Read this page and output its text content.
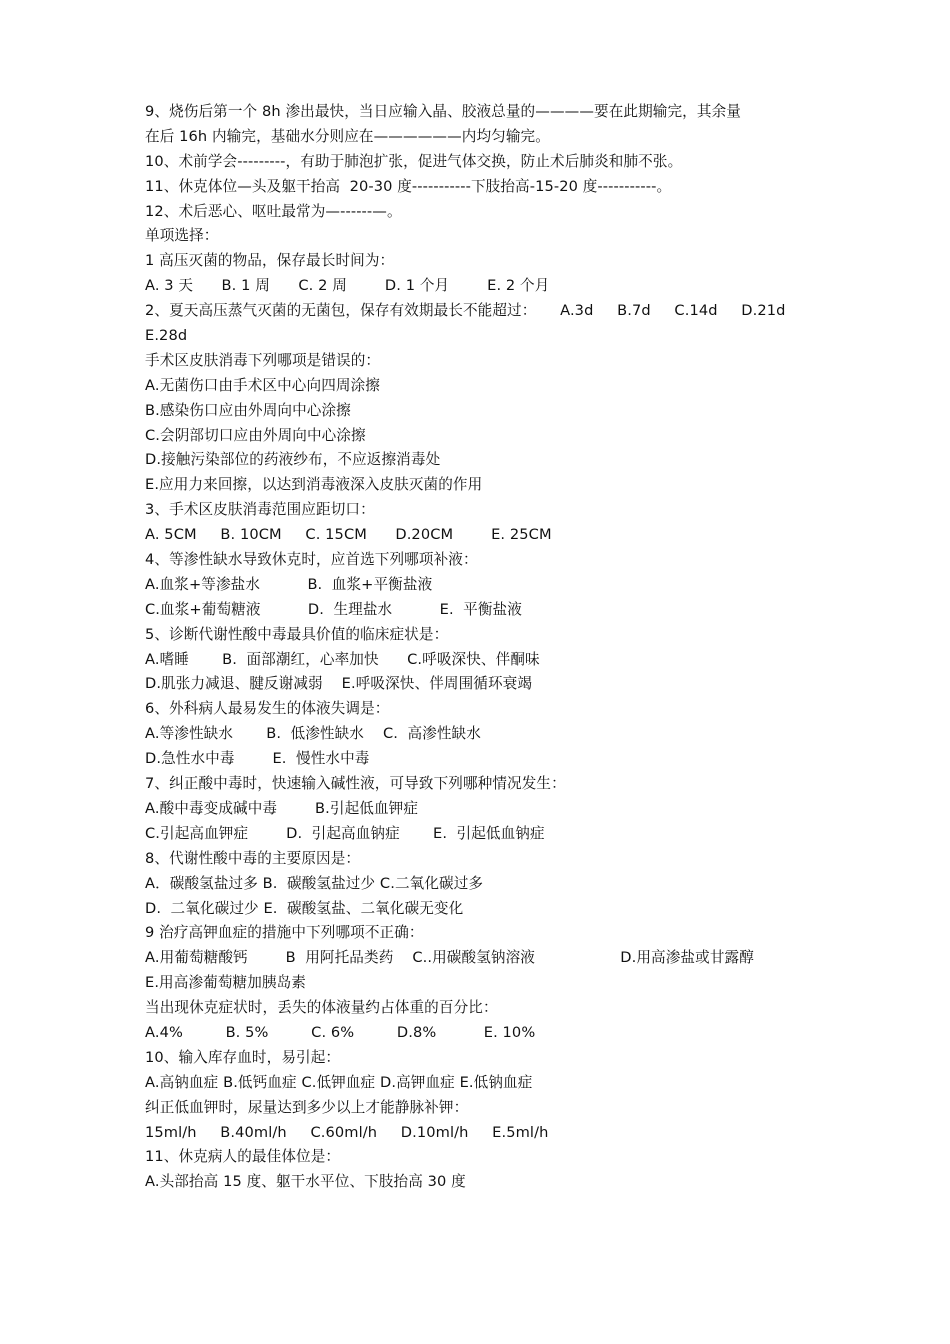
9、烧伤后第一个 8h 渗出最快，当日应输入晶、胶液总量的————要在此期输完，其余量
在后 16h 内输完，基础水分则应在——————内均匀输完。
10、术前学会---------，有助于肺泡扩张，促进气体交换，防止术后肺炎和肺不张。
11、休克体位—头及躯干抬高  20-30 度-----------下肢抬高-15-20 度-----------。
12、术后恶心、呕吐最常为—------—。
单项选择：
1 高压灭菌的物品，保存最长时间为：
A. 3 天      B. 1 周      C. 2 周        D. 1 个月        E. 2 个月
2、夏天高压蒸气灭菌的无菌包，保存有效期最长不能超过：     A.3d     B.7d     C.14d     D.21d
E.28d
手术区皮肤消毒下列哪项是错误的：
A.无菌伤口由手术区中心向四周涂擦
B.感染伤口应由外周向中心涂擦
C.会阴部切口应由外周向中心涂擦
D.接触污染部位的药液纱布，不应返擦消毒处
E.应用力来回擦，以达到消毒液深入皮肤灭菌的作用
3、手术区皮肤消毒范围应距切口：
A. 5CM     B. 10CM     C. 15CM      D.20CM        E. 25CM
4、等渗性缺水导致休克时，应首选下列哪项补液：
A.血浆+等渗盐水          B.  血浆+平衡盐液
C.血浆+葡萄糖液          D.  生理盐水          E.  平衡盐液
5、诊断代谢性酸中毒最具价值的临床症状是：
A.嗜睡       B.  面部潮红，心率加快      C.呼吸深快、伴酮味
D.肌张力减退、腱反谢减弱    E.呼吸深快、伴周围循环衰竭
6、外科病人最易发生的体液失调是：
A.等渗性缺水       B.  低渗性缺水    C.  高渗性缺水
D.急性水中毒        E.  慢性水中毒
7、纠正酸中毒时，快速输入碱性液，可导致下列哪种情况发生：
A.酸中毒变成碱中毒        B.引起低血钾症
C.引起高血钾症        D.  引起高血钠症       E.  引起低血钠症
8、代谢性酸中毒的主要原因是：
A．碳酸氢盐过多 B.  碳酸氢盐过少 C.二氧化碳过多
D.  二氧化碳过少 E.  碳酸氢盐、二氧化碳无变化
9 治疗高钾血症的措施中下列哪项不正确：
A.用葡萄糖酸钙        B  用阿托品类药    C..用碳酸氢钠溶液                  D.用高渗盐或甘露醇
E.用高渗葡萄糖加胰岛素
当出现休克症状时，丢失的体液量约占体重的百分比：
A.4%         B. 5%         C. 6%         D.8%          E. 10%
10、输入库存血时，易引起：
A.高钠血症 B.低钙血症 C.低钾血症 D.高钾血症 E.低钠血症
纠正低血钾时，尿量达到多少以上才能静脉补钾：
15ml/h     B.40ml/h     C.60ml/h     D.10ml/h     E.5ml/h
11、休克病人的最佳体位是：
A.头部抬高 15 度、躯干水平位、下肢抬高 30 度
